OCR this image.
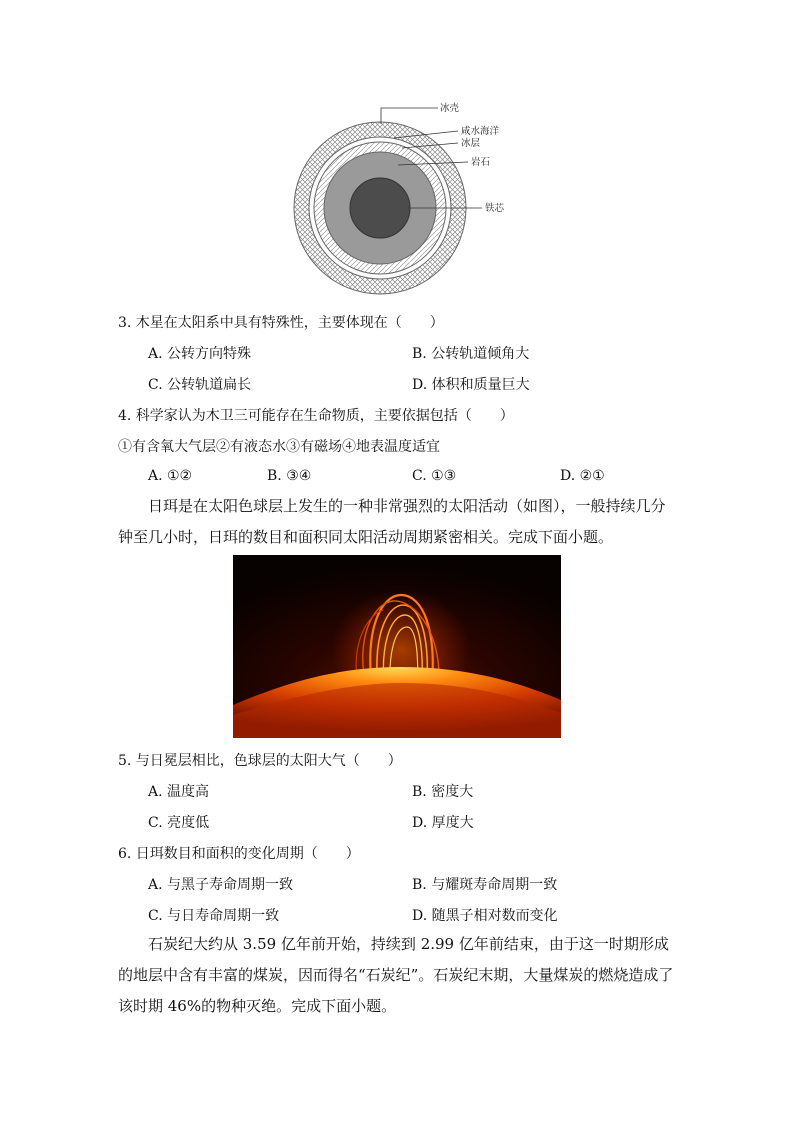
冰壳
咸水海洋
冰层
岩石
铁芯
3. 木星在太阳系中具有特殊性，主要体现在（　　）
A. 公转方向特殊	B. 公转轨道倾角大
C. 公转轨道扁长	D. 体积和质量巨大
4. 科学家认为木卫三可能存在生命物质，主要依据包括（　　）
①有含氧大气层②有液态水③有磁场④地表温度适宜
A. ①②	B. ③④	C. ①③	D. ②①
日珥是在太阳色球层上发生的一种非常强烈的太阳活动（如图），一般持续几分钟至几小时，日珥的数目和面积同太阳活动周期紧密相关。完成下面小题。
5. 与日冕层相比，色球层的太阳大气（　　）
A. 温度高	B. 密度大
C. 亮度低	D. 厚度大
6. 日珥数目和面积的变化周期（　　）
A. 与黑子寿命周期一致	B. 与耀斑寿命周期一致
C. 与日寿命周期一致	D. 随黑子相对数而变化
石炭纪大约从 3.59 亿年前开始，持续到 2.99 亿年前结束，由于这一时期形成的地层中含有丰富的煤炭，因而得名“石炭纪”。石炭纪末期，大量煤炭的燃烧造成了该时期 46%的物种灭绝。完成下面小题。
